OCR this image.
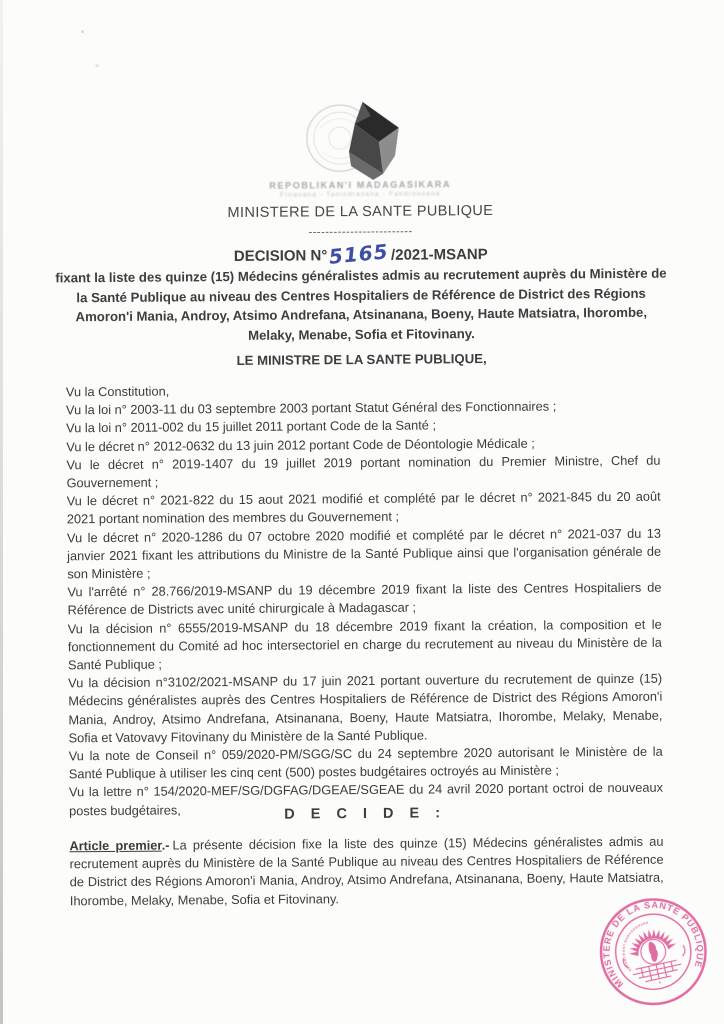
REPOBLIKAN'I MADAGASIKARA
Fitiavana - Tanindrazana - Fandrosoana
MINISTERE DE LA SANTE PUBLIQUE
-------------------------
DECISION N°5165 /2021-MSANP

fixant la liste des quinze (15) Médecins généralistes admis au recrutement auprès du Ministère de la Santé Publique au niveau des Centres Hospitaliers de Référence de District des Régions Amoron'i Mania, Androy, Atsimo Andrefana, Atsinanana, Boeny, Haute Matsiatra, Ihorombe, Melaky, Menabe, Sofia et Fitovinany.

LE MINISTRE DE LA SANTE PUBLIQUE,

Vu la Constitution,

Vu la loi n° 2003-11 du 03 septembre 2003 portant Statut Général des Fonctionnaires ;

Vu la loi n° 2011-002 du 15 juillet 2011 portant Code de la Santé ;

Vu le décret n° 2012-0632 du 13 juin 2012 portant Code de Déontologie Médicale ;

Vu le décret n° 2019-1407 du 19 juillet 2019 portant nomination du Premier Ministre, Chef du Gouvernement ;

Vu le décret n° 2021-822 du 15 aout 2021 modifié et complété par le décret n° 2021-845 du 20 août 2021 portant nomination des membres du Gouvernement ;

Vu le décret n° 2020-1286 du 07 octobre 2020 modifié et complété par le décret n° 2021-037 du 13 janvier 2021 fixant les attributions du Ministre de la Santé Publique ainsi que l'organisation générale de son Ministère ;

Vu l'arrêté n° 28.766/2019-MSANP du 19 décembre 2019 fixant la liste des Centres Hospitaliers de Référence de Districts avec unité chirurgicale à Madagascar ;

Vu la décision n° 6555/2019-MSANP du 18 décembre 2019 fixant la création, la composition et le fonctionnement du Comité ad hoc intersectoriel en charge du recrutement au niveau du Ministère de la Santé Publique ;

Vu la décision n°3102/2021-MSANP du 17 juin 2021 portant ouverture du recrutement de quinze (15) Médecins généralistes auprès des Centres Hospitaliers de Référence de District des Régions Amoron'i Mania, Androy, Atsimo Andrefana, Atsinanana, Boeny, Haute Matsiatra, Ihorombe, Melaky, Menabe, Sofia et Vatovavy Fitovinany du Ministère de la Santé Publique.

Vu la note de Conseil n° 059/2020-PM/SGG/SC du 24 septembre 2020 autorisant le Ministère de la Santé Publique à utiliser les cinq cent (500) postes budgétaires octroyés au Ministère ;

Vu la lettre n° 154/2020-MEF/SG/DGFAG/DGEAE/SGEAE du 24 avril 2020 portant octroi de nouveaux postes budgétaires,	D E C I D E :

Article premier.- La présente décision fixe la liste des quinze (15) Médecins généralistes admis au recrutement auprès du Ministère de la Santé Publique au niveau des Centres Hospitaliers de Référence de District des Régions Amoron'i Mania, Androy, Atsimo Andrefana, Atsinanana, Boeny, Haute Matsiatra, Ihorombe, Melaky, Menabe, Sofia et Fitovinany.

MINISTERE DE LA SANTE PUBLIQUE
REPOBLIKAN'I MADAGASIKARA
· · ✶ · ·
